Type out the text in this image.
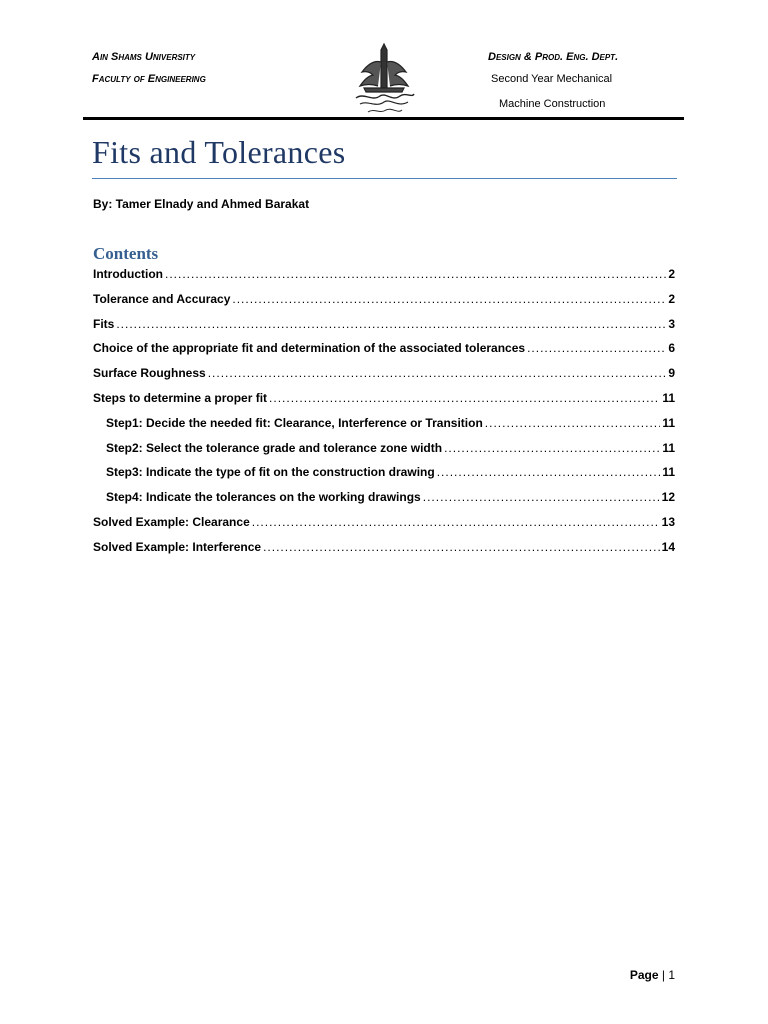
Ain Shams University
Faculty of Engineering
Design & Prod. Eng. Dept.
Second Year Mechanical
Machine Construction
Fits and Tolerances
By: Tamer Elnady and Ahmed Barakat
Contents
Introduction .....	2
Tolerance and Accuracy .....	2
Fits .....	3
Choice of the appropriate fit and determination of the associated tolerances .....	6
Surface Roughness .....	9
Steps to determine a proper fit .....	11
Step1: Decide the needed fit: Clearance, Interference or Transition .....	11
Step2: Select the tolerance grade and tolerance zone width .....	11
Step3: Indicate the type of fit on the construction drawing .....	11
Step4: Indicate the tolerances on the working drawings .....	12
Solved Example: Clearance .....	13
Solved Example: Interference .....	14
Page | 1
